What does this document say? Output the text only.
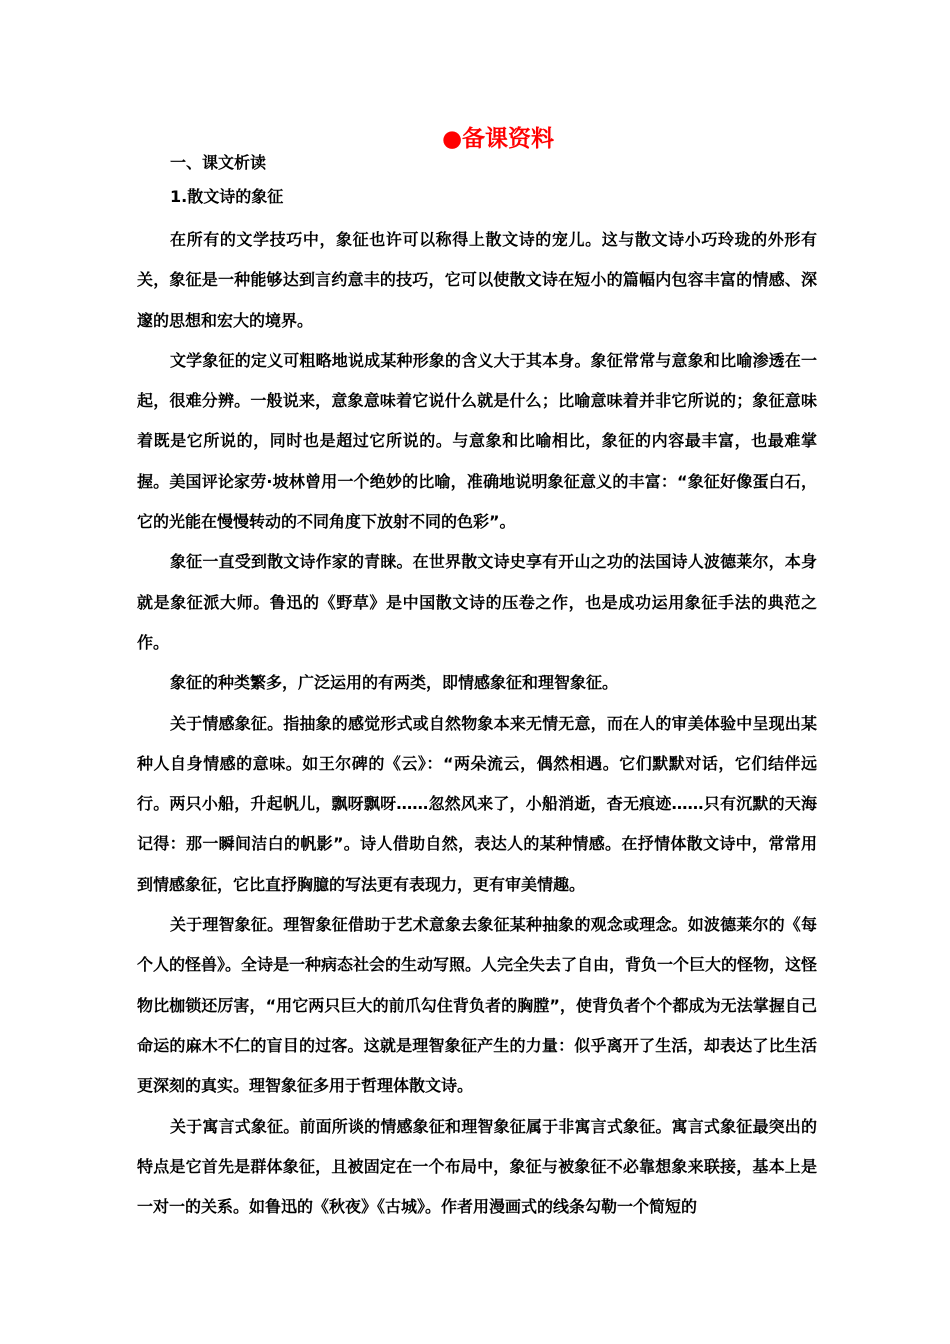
●备课资料
一、课文析读
1.散文诗的象征

在所有的文学技巧中，象征也许可以称得上散文诗的宠儿。这与散文诗小巧玲珑的外形有关，象征是一种能够达到言约意丰的技巧，它可以使散文诗在短小的篇幅内包容丰富的情感、深邃的思想和宏大的境界。

文学象征的定义可粗略地说成某种形象的含义大于其本身。象征常常与意象和比喻渗透在一起，很难分辨。一般说来，意象意味着它说什么就是什么；比喻意味着并非它所说的；象征意味着既是它所说的，同时也是超过它所说的。与意象和比喻相比，象征的内容最丰富，也最难掌握。美国评论家劳·坡林曾用一个绝妙的比喻，准确地说明象征意义的丰富：“象征好像蛋白石，它的光能在慢慢转动的不同角度下放射不同的色彩”。

象征一直受到散文诗作家的青睐。在世界散文诗史享有开山之功的法国诗人波德莱尔，本身就是象征派大师。鲁迅的《野草》是中国散文诗的压卷之作，也是成功运用象征手法的典范之作。

象征的种类繁多，广泛运用的有两类，即情感象征和理智象征。

关于情感象征。指抽象的感觉形式或自然物象本来无情无意，而在人的审美体验中呈现出某种人自身情感的意味。如王尔碑的《云》：“两朵流云，偶然相遇。它们默默对话，它们结伴远行。两只小船，升起帆儿，飘呀飘呀……忽然风来了，小船消逝，杳无痕迹……只有沉默的天海记得：那一瞬间洁白的帆影”。诗人借助自然，表达人的某种情感。在抒情体散文诗中，常常用到情感象征，它比直抒胸臆的写法更有表现力，更有审美情趣。

关于理智象征。理智象征借助于艺术意象去象征某种抽象的观念或理念。如波德莱尔的《每个人的怪兽》。全诗是一种病态社会的生动写照。人完全失去了自由，背负一个巨大的怪物，这怪物比枷锁还厉害，“用它两只巨大的前爪勾住背负者的胸膛”，使背负者个个都成为无法掌握自己命运的麻木不仁的盲目的过客。这就是理智象征产生的力量：似乎离开了生活，却表达了比生活更深刻的真实。理智象征多用于哲理体散文诗。

关于寓言式象征。前面所谈的情感象征和理智象征属于非寓言式象征。寓言式象征最突出的特点是它首先是群体象征，且被固定在一个布局中，象征与被象征不必靠想象来联接，基本上是一对一的关系。如鲁迅的《秋夜》《古城》。作者用漫画式的线条勾勒一个简短的
